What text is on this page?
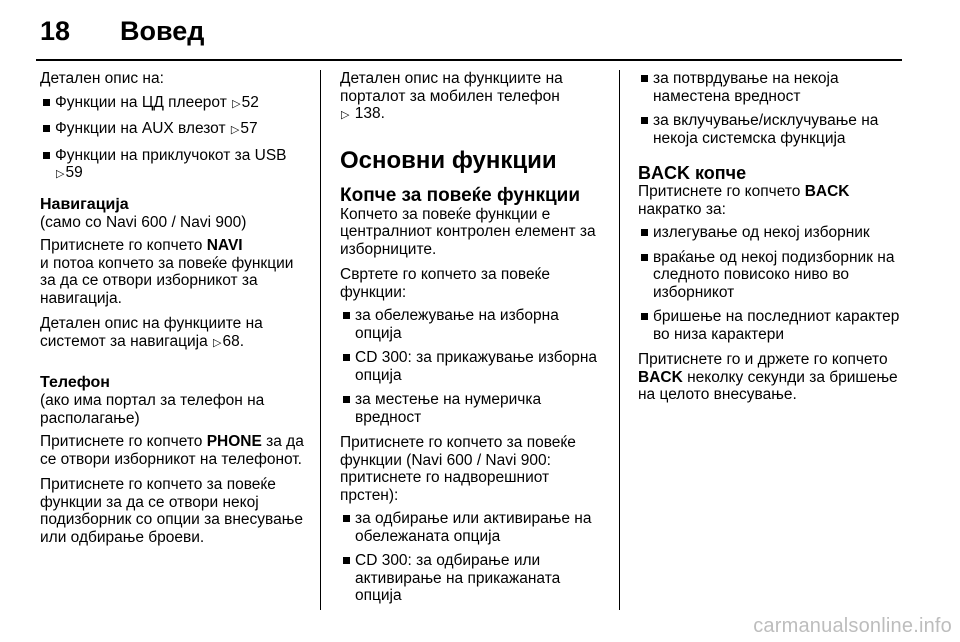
18 Вовед

Детален опис на:

Функции на ЦД плеерот ▷52
Функции на AUX влезот ▷57
Функции на приклучокот за USB
▷59
Навигација

(само со Navi 600 / Navi 900)

Притиснете го копчето NAVI
и потоа копчето за повеќе функции за да се отвори изборникот за навигација.

Детален опис на функциите на системот за навигација ▷68.

Телефон

(ако има портал за телефон на располагање)

Притиснете го копчето PHONE за да се отвори изборникот на телефонот.

Притиснете го копчето за повеќе функции за да се отвори некој подизборник со опции за внесување или одбирање броеви.

Детален опис на функциите на порталот за мобилен телефон
▷ 138.

Основни функции
Копче за повеќе функции

Копчето за повеќе функции е централниот контролен елемент за изборниците.

Свртете го копчето за повеќе функции:

за обележување на изборна опција
CD 300: за прикажување изборна опција
за местење на нумеричка вредност

Притиснете го копчето за повеќе функции (Navi 600 / Navi 900: притиснете го надворешниот прстен):

за одбирање или активирање на обележаната опција
CD 300: за одбирање или активирање на прикажаната опција
за потврдување на некоја наместена вредност
за вклучување/исклучување на некоја системска функција
BACK копче

Притиснете го копчето BACK
накратко за:

излегување од некој изборник
враќање од некој подизборник на следното повисоко ниво во изборникот
бришење на последниот карактер во низа карактери

Притиснете го и држете го копчето
BACK неколку секунди за бришење на целото внесување.

carmanualsonline.info
